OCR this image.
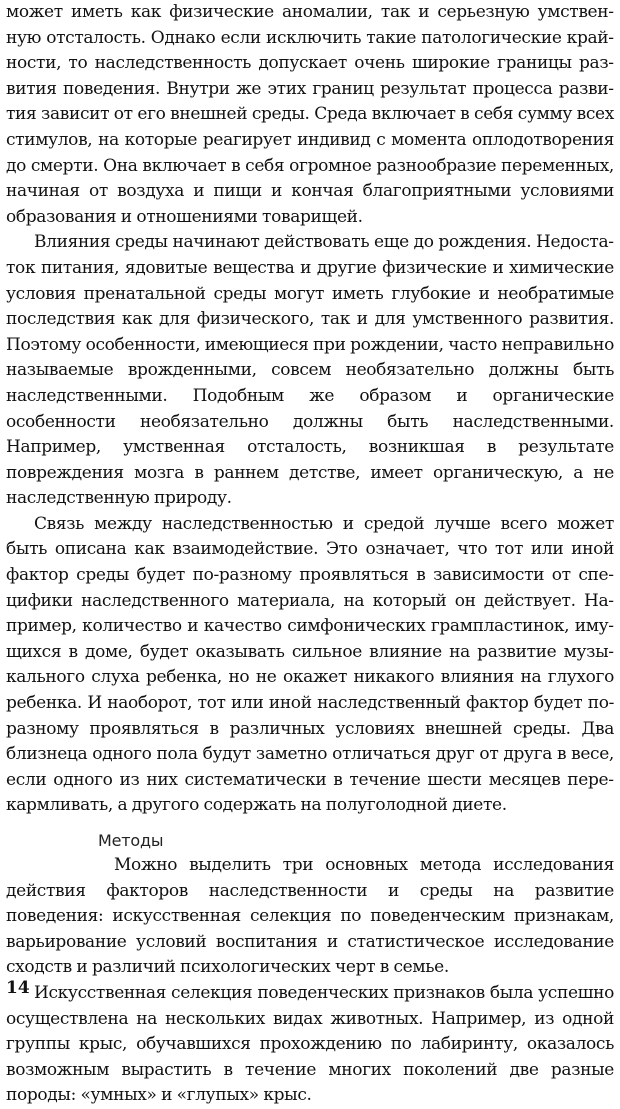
может иметь как физические аномалии, так и серьезную умственную отсталость. Однако если исключить такие патологические крайности, то наследственность допускает очень широкие границы развития поведения. Внутри же этих границ результат процесса развития зависит от его внешней среды. Среда включает в себя сумму всех стимулов, на которые реагирует индивид с момента оплодотворения до смерти. Она включает в себя огромное разнообразие переменных, начиная от воздуха и пищи и кончая благоприятными условиями образования и отношениями товарищей.

Влияния среды начинают действовать еще до рождения. Недостаток питания, ядовитые вещества и другие физические и химические условия пренатальной среды могут иметь глубокие и необратимые последствия как для физического, так и для умственного развития. Поэтому особенности, имеющиеся при рождении, часто неправильно называемые врожденными, совсем необязательно должны быть наследственными. Подобным же образом и органические особенности необязательно должны быть наследственными. Например, умственная отсталость, возникшая в результате повреждения мозга в раннем детстве, имеет органическую, а не наследственную природу.

Связь между наследственностью и средой лучше всего может быть описана как взаимодействие. Это означает, что тот или иной фактор среды будет по-разному проявляться в зависимости от специфики наследственного материала, на который он действует. Например, количество и качество симфонических грампластинок, имущихся в доме, будет оказывать сильное влияние на развитие музыкального слуха ребенка, но не окажет никакого влияния на глухого ребенка. И наоборот, тот или иной наследственный фактор будет по-разному проявляться в различных условиях внешней среды. Два близнеца одного пола будут заметно отличаться друг от друга в весе, если одного из них систематически в течение шести месяцев перекармливать, а другого содержать на полуголодной диете.

Методы

Можно выделить три основных метода исследования действия факторов наследственности и среды на развитие поведения: искусственная селекция по поведенческим признакам, варьирование условий воспитания и статистическое исследование сходств и различий психологических черт в семье.

Искусственная селекция поведенческих признаков была успешно осуществлена на нескольких видах животных. Например, из одной группы крыс, обучавшихся прохождению по лабиринту, оказалось возможным вырастить в течение многих поколений две разные породы: «умных» и «глупых» крыс.

14
